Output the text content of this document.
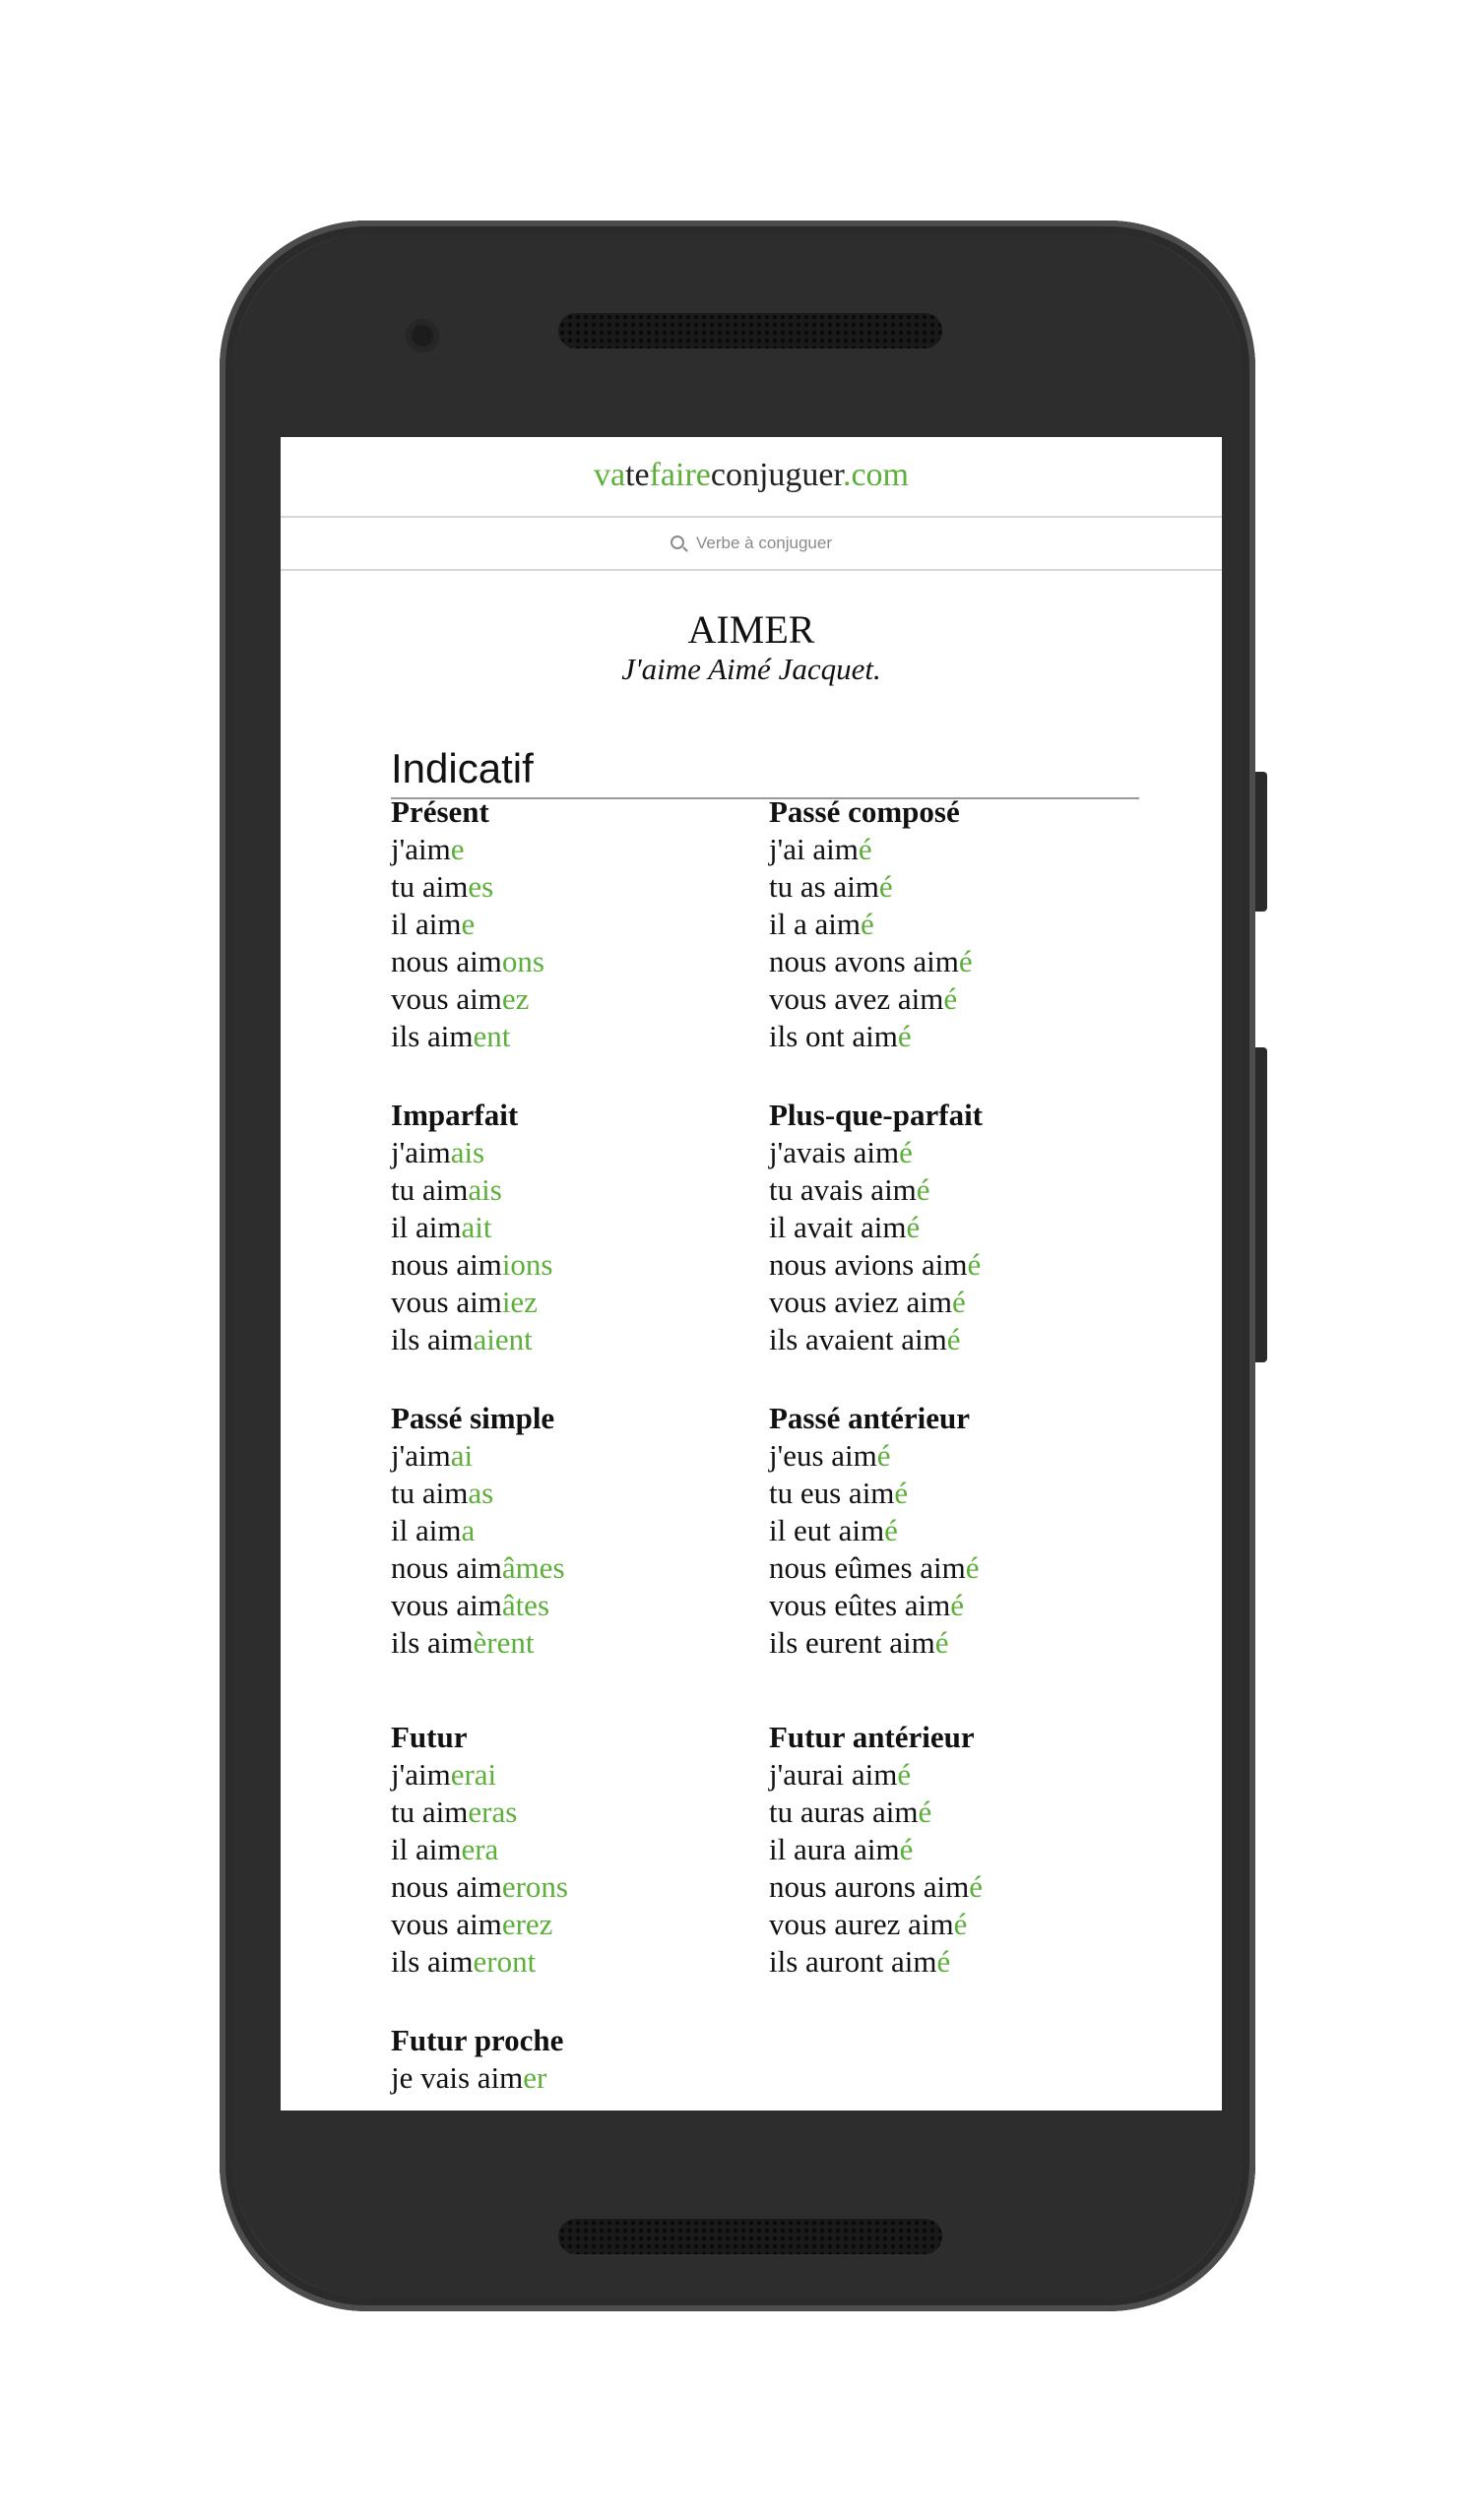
vatefaireconjuguer.com
Verbe à conjuguer
AIMER
J'aime Aimé Jacquet.
Indicatif
Présent
j'aime
tu aimes
il aime
nous aimons
vous aimez
ils aiment
Passé composé
j'ai aimé
tu as aimé
il a aimé
nous avons aimé
vous avez aimé
ils ont aimé
Imparfait
j'aimais
tu aimais
il aimait
nous aimions
vous aimiez
ils aimaient
Plus-que-parfait
j'avais aimé
tu avais aimé
il avait aimé
nous avions aimé
vous aviez aimé
ils avaient aimé
Passé simple
j'aimai
tu aimas
il aima
nous aimâmes
vous aimâtes
ils aimèrent
Passé antérieur
j'eus aimé
tu eus aimé
il eut aimé
nous eûmes aimé
vous eûtes aimé
ils eurent aimé
Futur
j'aimerai
tu aimeras
il aimera
nous aimerons
vous aimerez
ils aimeront
Futur antérieur
j'aurai aimé
tu auras aimé
il aura aimé
nous aurons aimé
vous aurez aimé
ils auront aimé
Futur proche
je vais aimer
